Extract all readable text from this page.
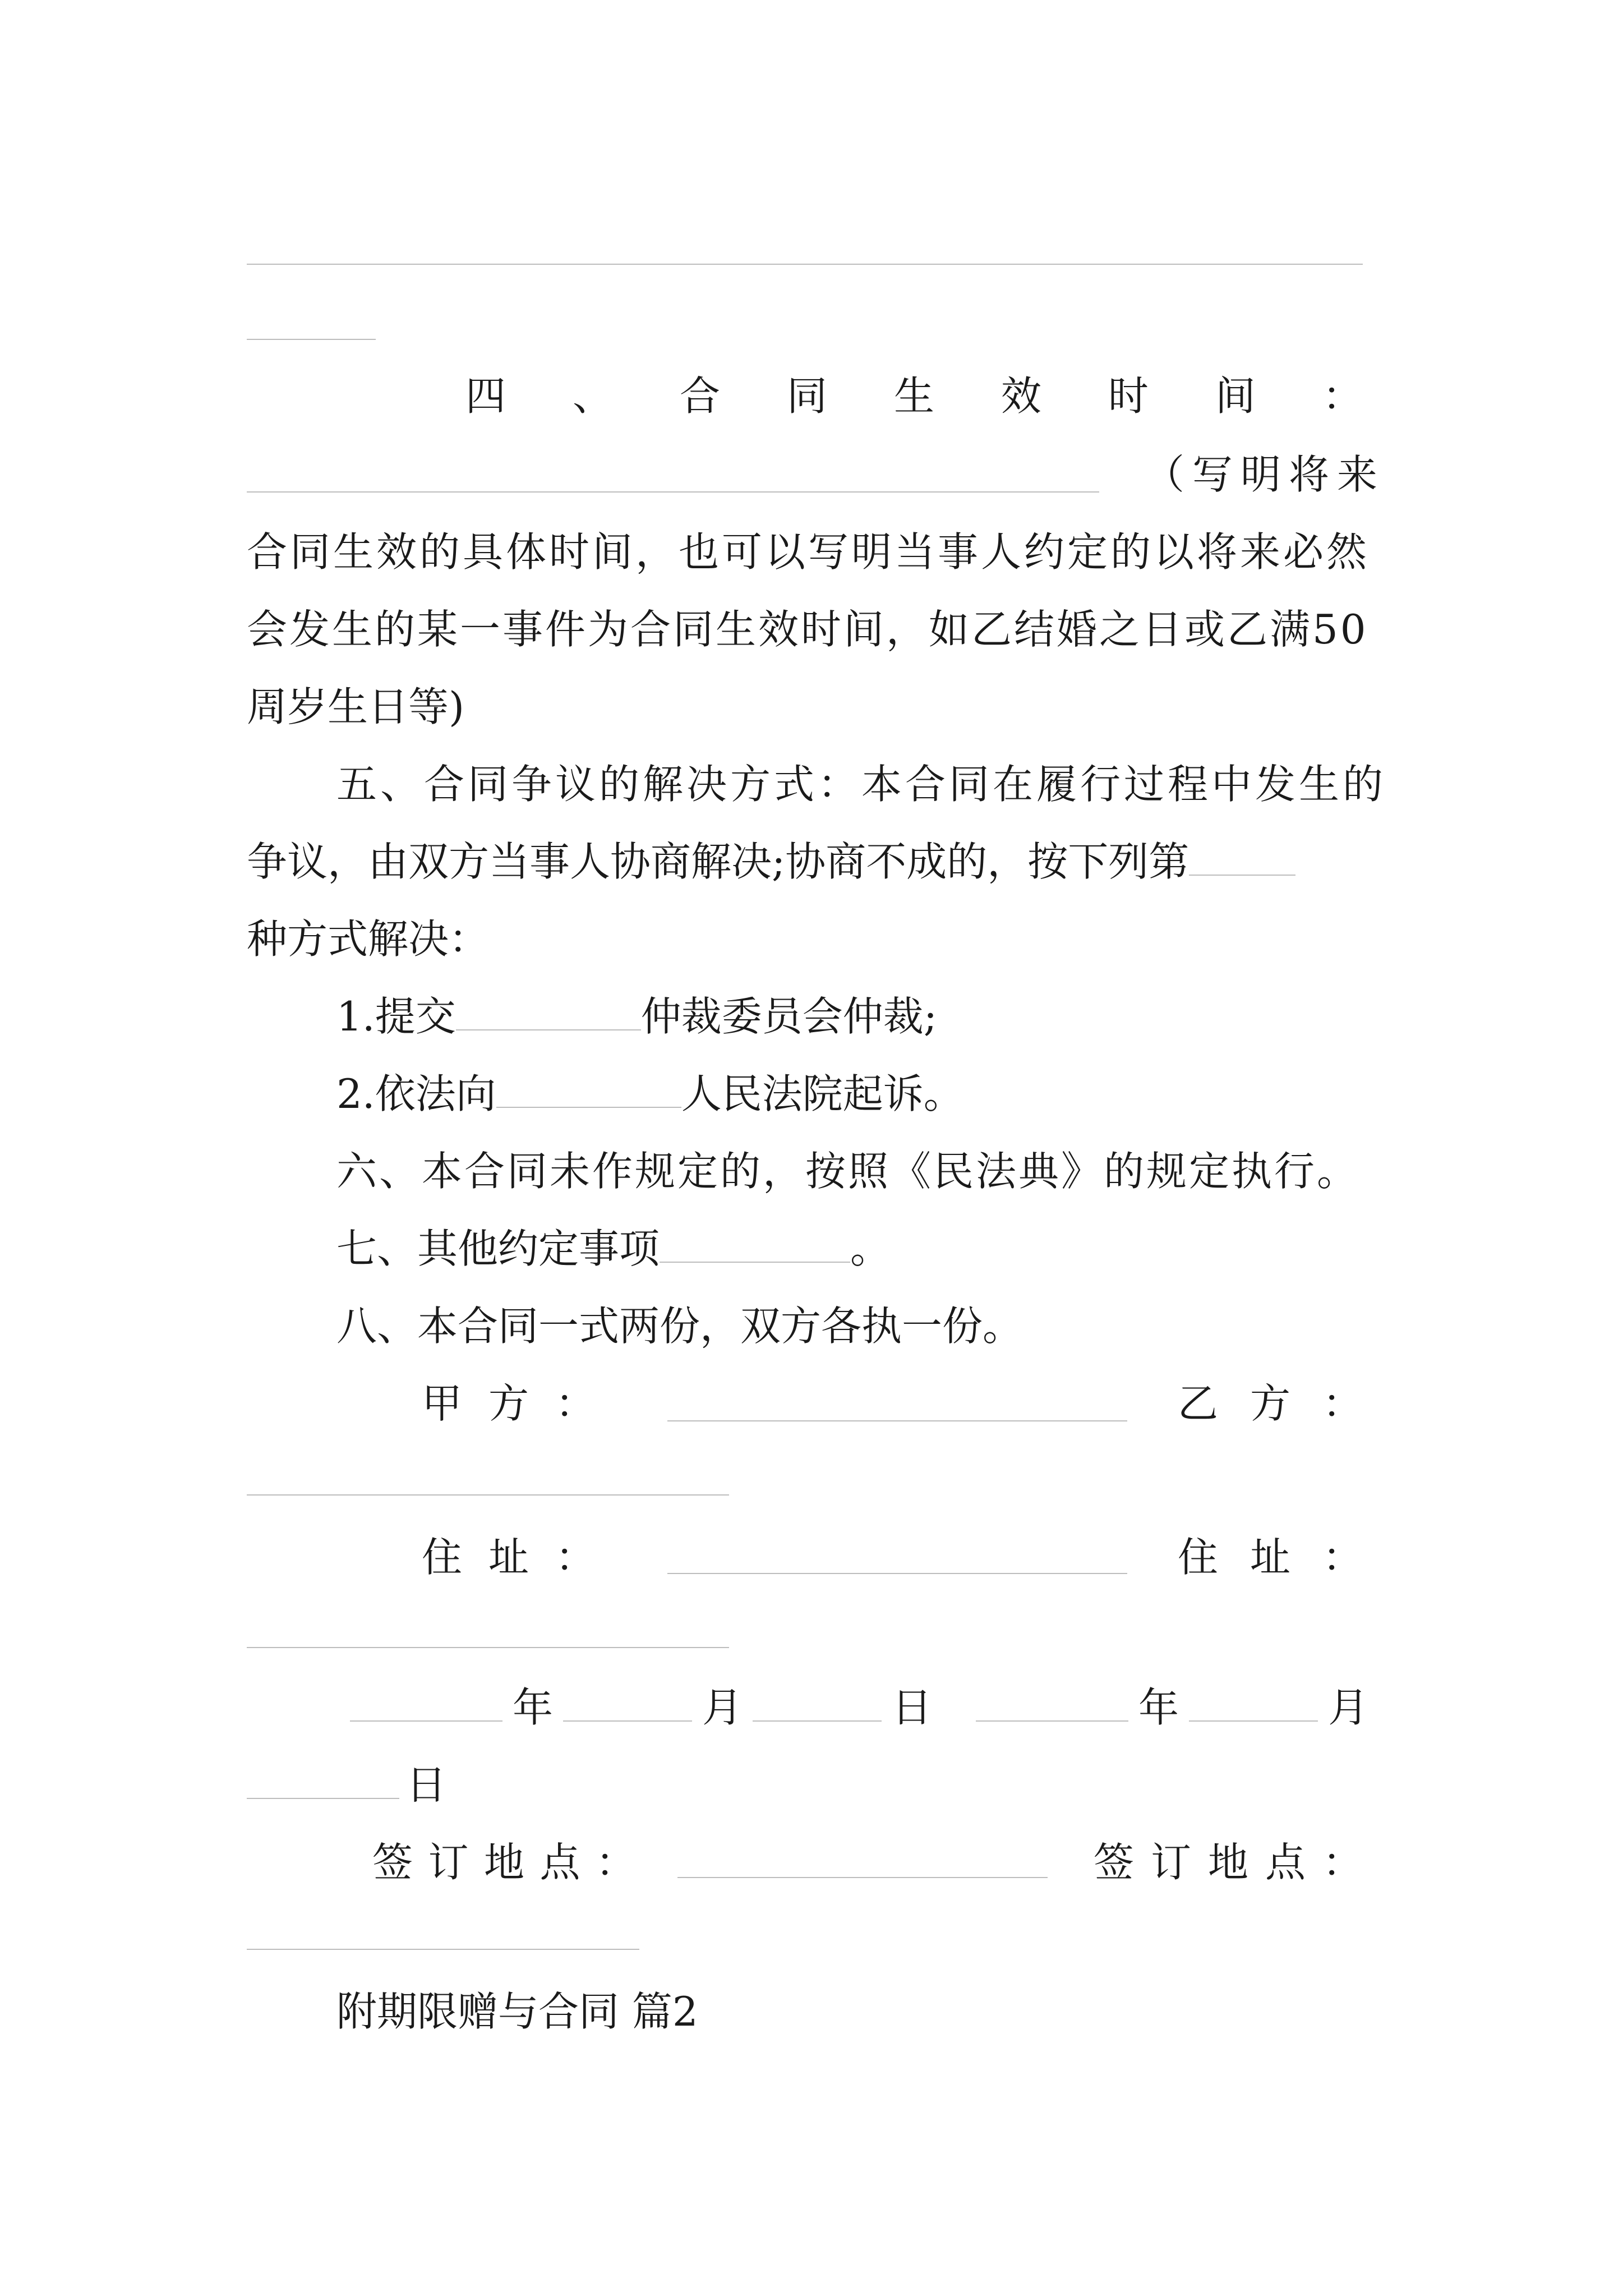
四 、 合 同 生 效 时 间 ：
（ 写 明 将 来
合同生效的具体时间，也可以写明当事人约定的以将来必然
会发生的某一事件为合同生效时间，如乙结婚之日或乙满50
周岁生日等)
五、合同争议的解决方式：本合同在履行过程中发生的
争议，由双方当事人协商解决;协商不成的，按下列第
种方式解决：
1.提交	仲裁委员会仲裁;
2.依法向	人民法院起诉。
六、本合同未作规定的，按照《民法典》的规定执行。
七、其他约定事项	。
八、本合同一式两份，双方各执一份。
甲 方 ：	乙 方 ：
住 址 ：	住 址 ：
年	月	日	年	月
日
签 订 地 点 ：	签 订 地 点 ：
附期限赠与合同 篇2
